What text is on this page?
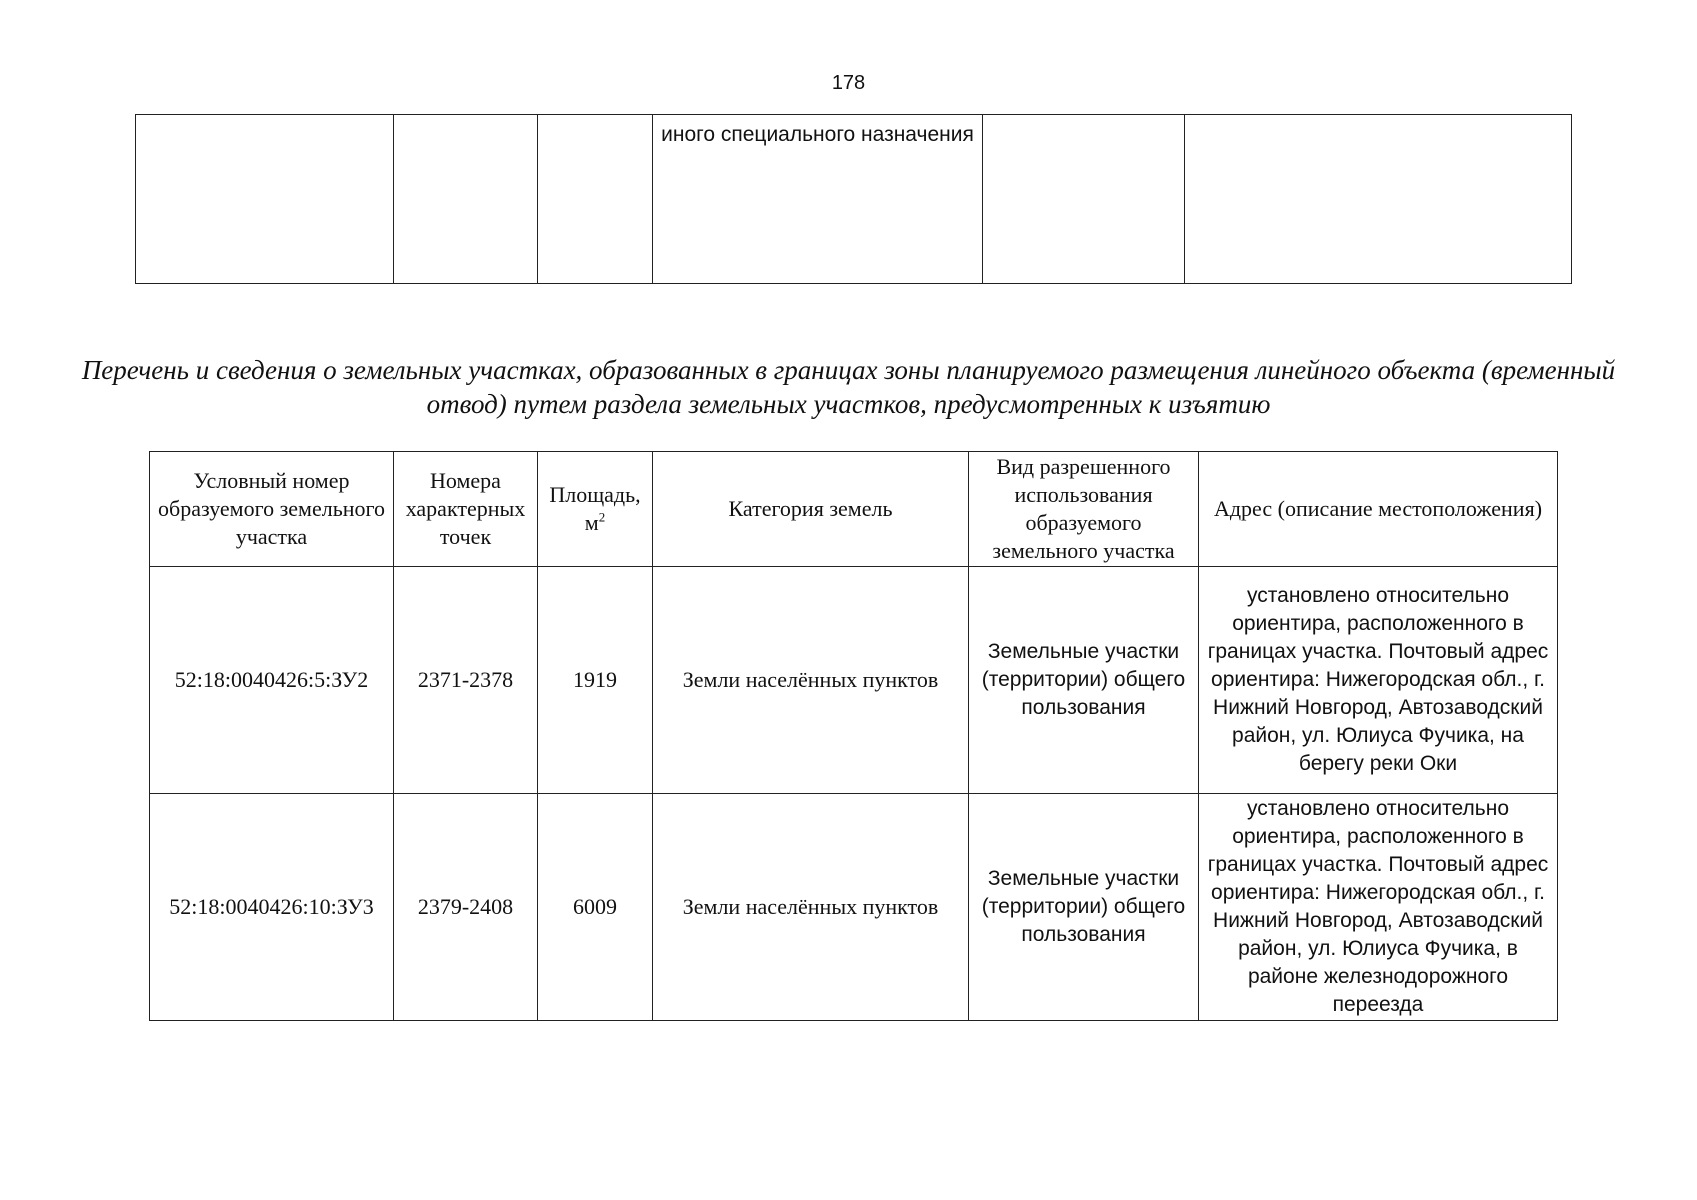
178
			иного специального назначения		
Перечень и сведения о земельных участках, образованных в границах зоны планируемого размещения линейного объекта (временный отвод) путем раздела земельных участков, предусмотренных к изъятию
Условный номер образуемого земельного участка	Номера характерных точек	Площадь, $м^2$	Категория земель	Вид разрешенного использования образуемого земельного участка	Адрес (описание местоположения)
52:18:0040426:5:ЗУ2	2371-2378	1919	Земли населённых пунктов	Земельные участки (территории) общего пользования	установлено относительно ориентира, расположенного в границах участка. Почтовый адрес ориентира: Нижегородская обл., г. Нижний Новгород, Автозаводский район, ул. Юлиуса Фучика, на берегу реки Оки
52:18:0040426:10:ЗУ3	2379-2408	6009	Земли населённых пунктов	Земельные участки (территории) общего пользования	установлено относительно ориентира, расположенного в границах участка. Почтовый адрес ориентира: Нижегородская обл., г. Нижний Новгород, Автозаводский район, ул. Юлиуса Фучика, в районе железнодорожного переезда
